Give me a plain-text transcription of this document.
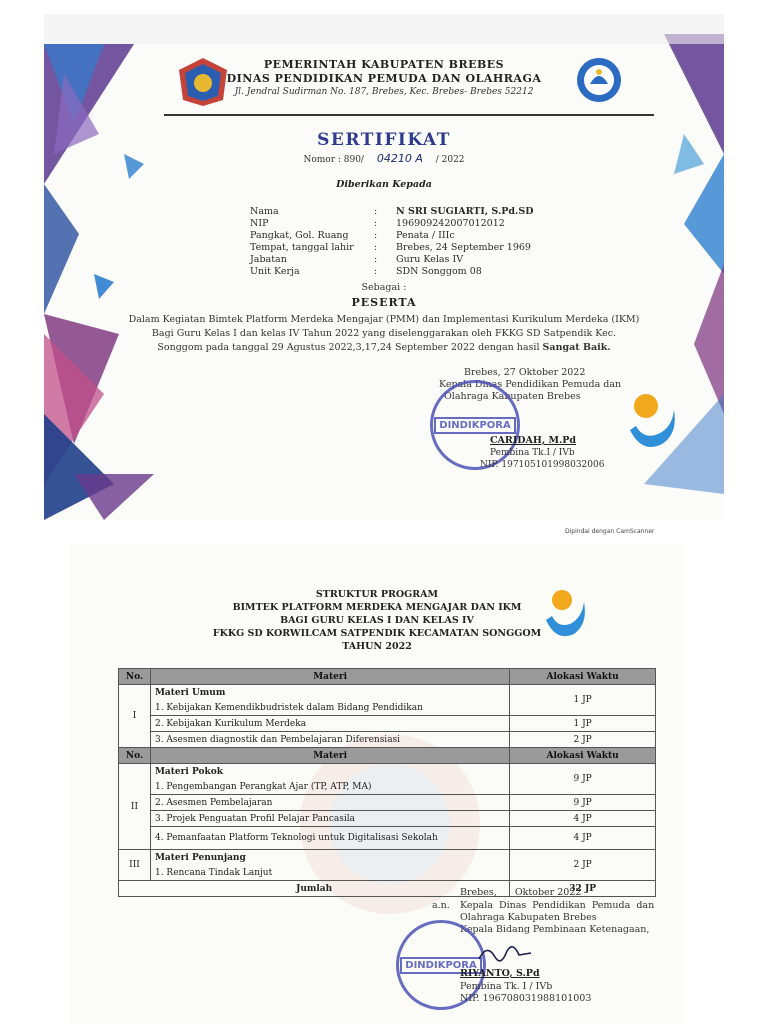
PEMERINTAH KABUPATEN BREBES
DINAS PENDIDIKAN PEMUDA DAN OLAHRAGA
Jl. Jendral Sudirman No. 187, Brebes, Kec. Brebes- Brebes 52212
SERTIFIKAT
Nomor : 890/ 04210 A / 2022
Diberikan Kepada
Nama	: N SRI SUGIARTI, S.Pd.SD
NIP	: 196909242007012012
Pangkat, Gol. Ruang	: Penata / IIIc
Tempat, tanggal lahir : Brebes, 24 September 1969
Jabatan	: Guru Kelas IV
Unit Kerja	: SDN Songgom 08
Sebagai :
PESERTA
Dalam Kegiatan Bimtek Platform Merdeka Mengajar (PMM) dan Implementasi Kurikulum Merdeka (IKM)
Bagi Guru Kelas I dan kelas IV Tahun 2022 yang diselenggarakan oleh FKKG SD Satpendik Kec.
Songgom pada tanggal 29 Agustus 2022,3,17,24 September 2022 dengan hasil Sangat Baik.
Brebes, 27 Oktober 2022
Kepala Dinas Pendidikan Pemuda dan
Olahraga Kabupaten Brebes
DINDIKPORA
CARIDAH, M.Pd
Pembina Tk.I / IVb
NIP. 197105101998032006
Dipindai dengan CamScanner
STRUKTUR PROGRAM
BIMTEK PLATFORM MERDEKA MENGAJAR DAN IKM
BAGI GURU KELAS I DAN KELAS IV
FKKG SD KORWILCAM SATPENDIK KECAMATAN SONGGOM
TAHUN 2022
No.	Materi	Alokasi Waktu
I	Materi Umum	1 JP
	1. Kebijakan Kemendikbudristek dalam Bidang Pendidikan	
	2. Kebijakan Kurikulum Merdeka	1 JP
	3. Asesmen diagnostik dan Pembelajaran Diferensiasi	2 JP
No.	Materi	Alokasi Waktu
II	Materi Pokok	9 JP
	1. Pengembangan Perangkat Ajar (TP, ATP, MA)	
	2. Asesmen Pembelajaran	9 JP
	3. Projek Penguatan Profil Pelajar Pancasila	4 JP
	4. Pemanfaatan Platform Teknologi untuk Digitalisasi Sekolah	4 JP
III	Materi Penunjang	2 JP
	1. Rencana Tindak Lanjut	
Jumlah		32 JP
Brebes,      Oktober 2022
a.n. Kepala  Dinas  Pendidikan  Pemuda  dan
Olahraga Kabupaten Brebes
Kepala Bidang Pembinaan Ketenagaan,
DINDIKPORA
RIYANTO, S.Pd
Pembina Tk. I / IVb
NIP. 196708031988101003
